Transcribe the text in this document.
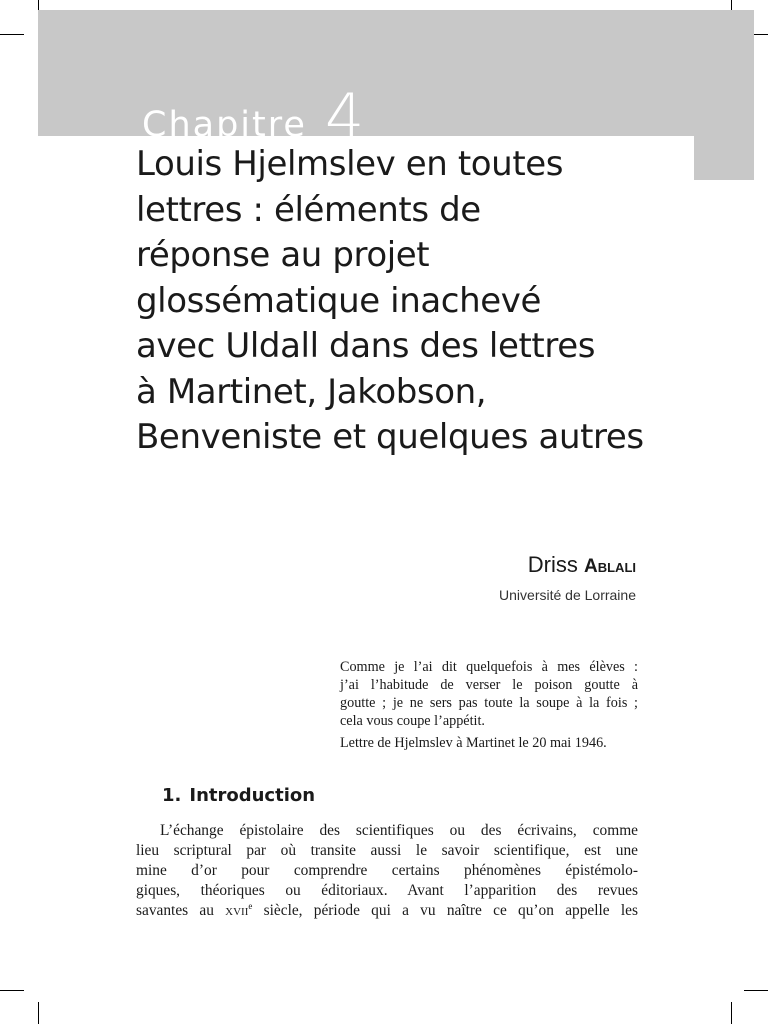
Chapitre 4
Louis Hjelmslev en toutes
lettres : éléments de
réponse au projet
glossématique inachevé
avec Uldall dans des lettres
à Martinet, Jakobson,
Benveniste et quelques autres
Driss Ablali
Université de Lorraine

Comme je l’ai dit quelquefois à mes élèves :
j’ai l’habitude de verser le poison goutte à
goutte ; je ne sers pas toute la soupe à la fois ;
cela vous coupe l’appétit.

Lettre de Hjelmslev à Martinet le 20 mai 1946.

1. Introduction
L’échange épistolaire des scientifiques ou des écrivains, comme
lieu scriptural par où transite aussi le savoir scientifique, est une
mine d’or pour comprendre certains phénomènes épistémolo-
giques, théoriques ou éditoriaux. Avant l’apparition des revues
savantes au xvii$^e$ siècle, période qui a vu naître ce qu’on appelle les
